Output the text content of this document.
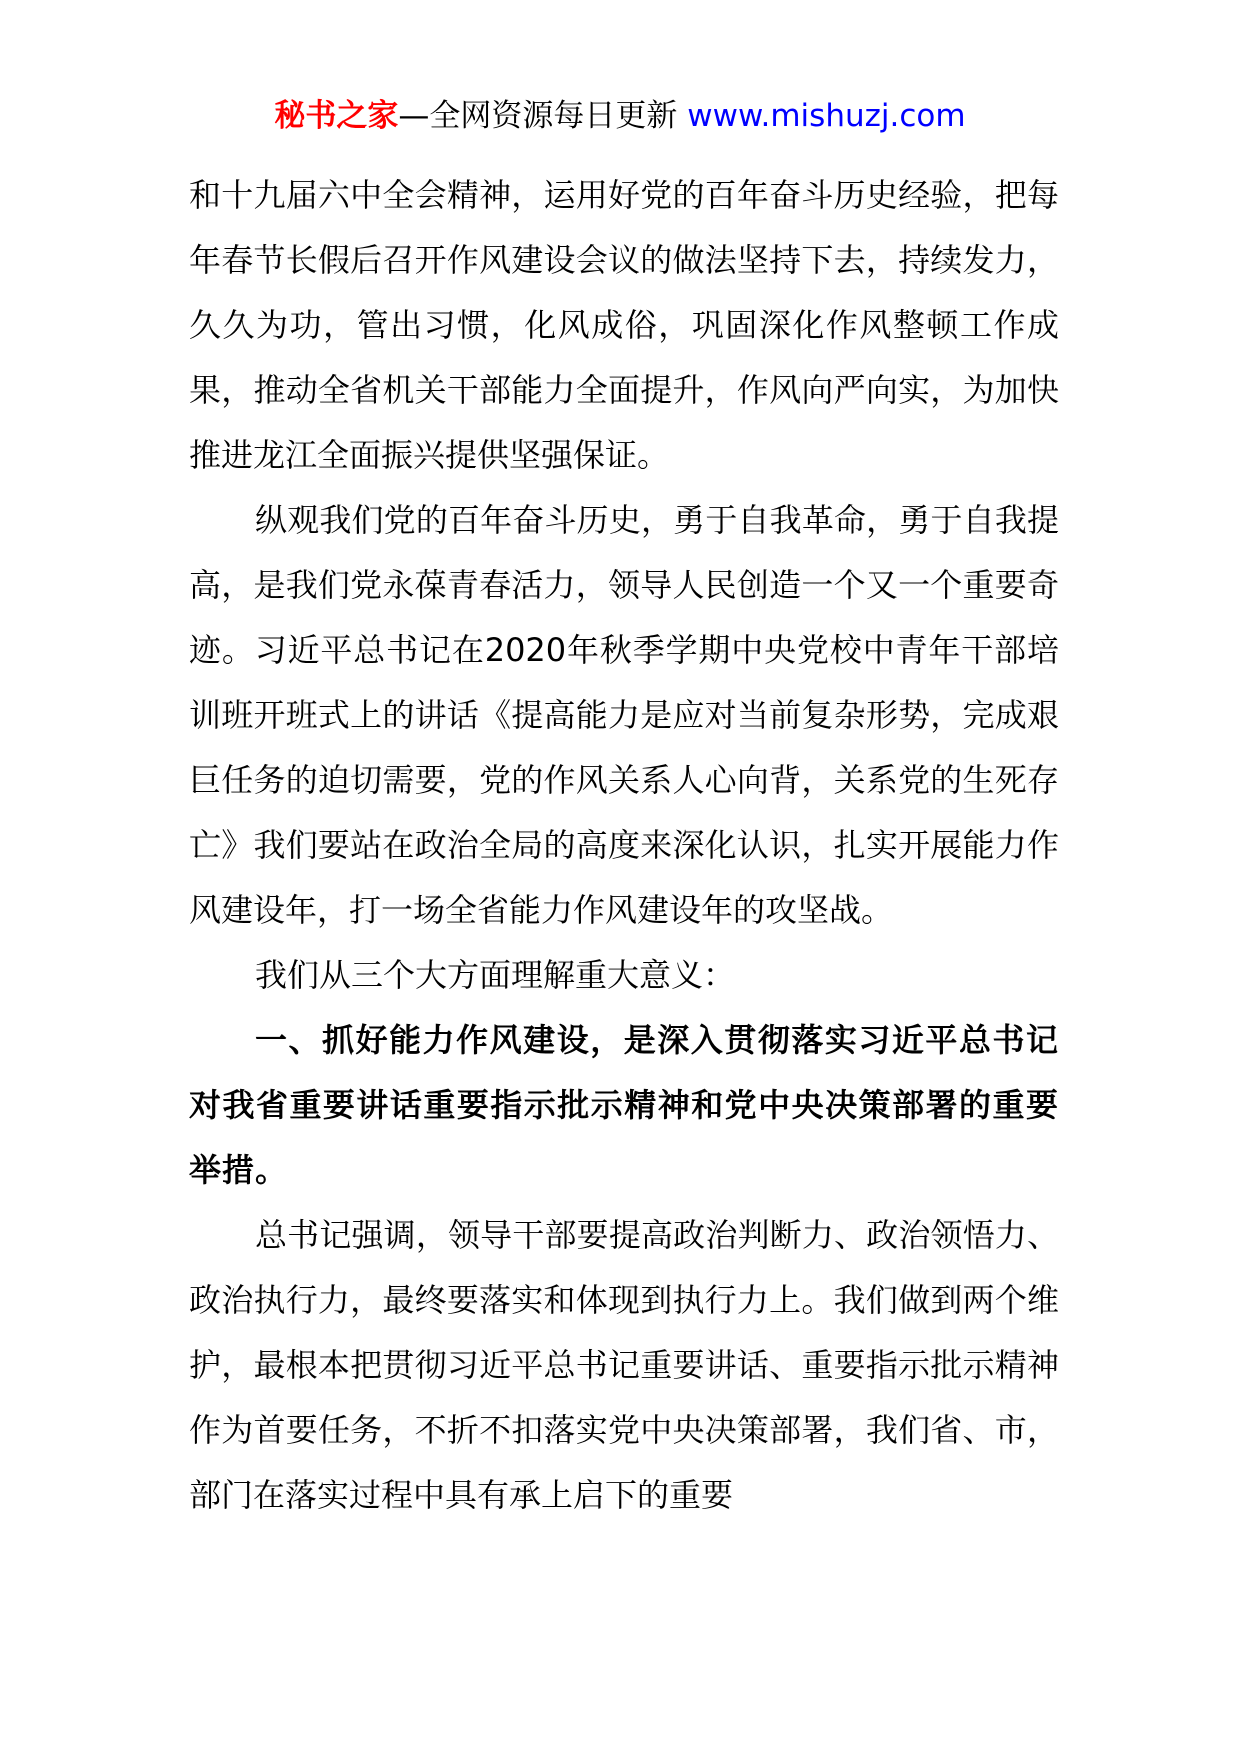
秘书之家—全网资源每日更新 www.mishuzj.com

和十九届六中全会精神，运用好党的百年奋斗历史经验，把每年春节长假后召开作风建设会议的做法坚持下去，持续发力，久久为功，管出习惯，化风成俗，巩固深化作风整顿工作成果，推动全省机关干部能力全面提升，作风向严向实，为加快推进龙江全面振兴提供坚强保证。

纵观我们党的百年奋斗历史，勇于自我革命，勇于自我提高，是我们党永葆青春活力，领导人民创造一个又一个重要奇迹。习近平总书记在2020年秋季学期中央党校中青年干部培训班开班式上的讲话《提高能力是应对当前复杂形势，完成艰巨任务的迫切需要，党的作风关系人心向背，关系党的生死存亡》我们要站在政治全局的高度来深化认识，扎实开展能力作风建设年，打一场全省能力作风建设年的攻坚战。

我们从三个大方面理解重大意义：

一、抓好能力作风建设，是深入贯彻落实习近平总书记对我省重要讲话重要指示批示精神和党中央决策部署的重要举措。

总书记强调，领导干部要提高政治判断力、政治领悟力、政治执行力，最终要落实和体现到执行力上。我们做到两个维护，最根本把贯彻习近平总书记重要讲话、重要指示批示精神作为首要任务，不折不扣落实党中央决策部署，我们省、市，部门在落实过程中具有承上启下的重要
